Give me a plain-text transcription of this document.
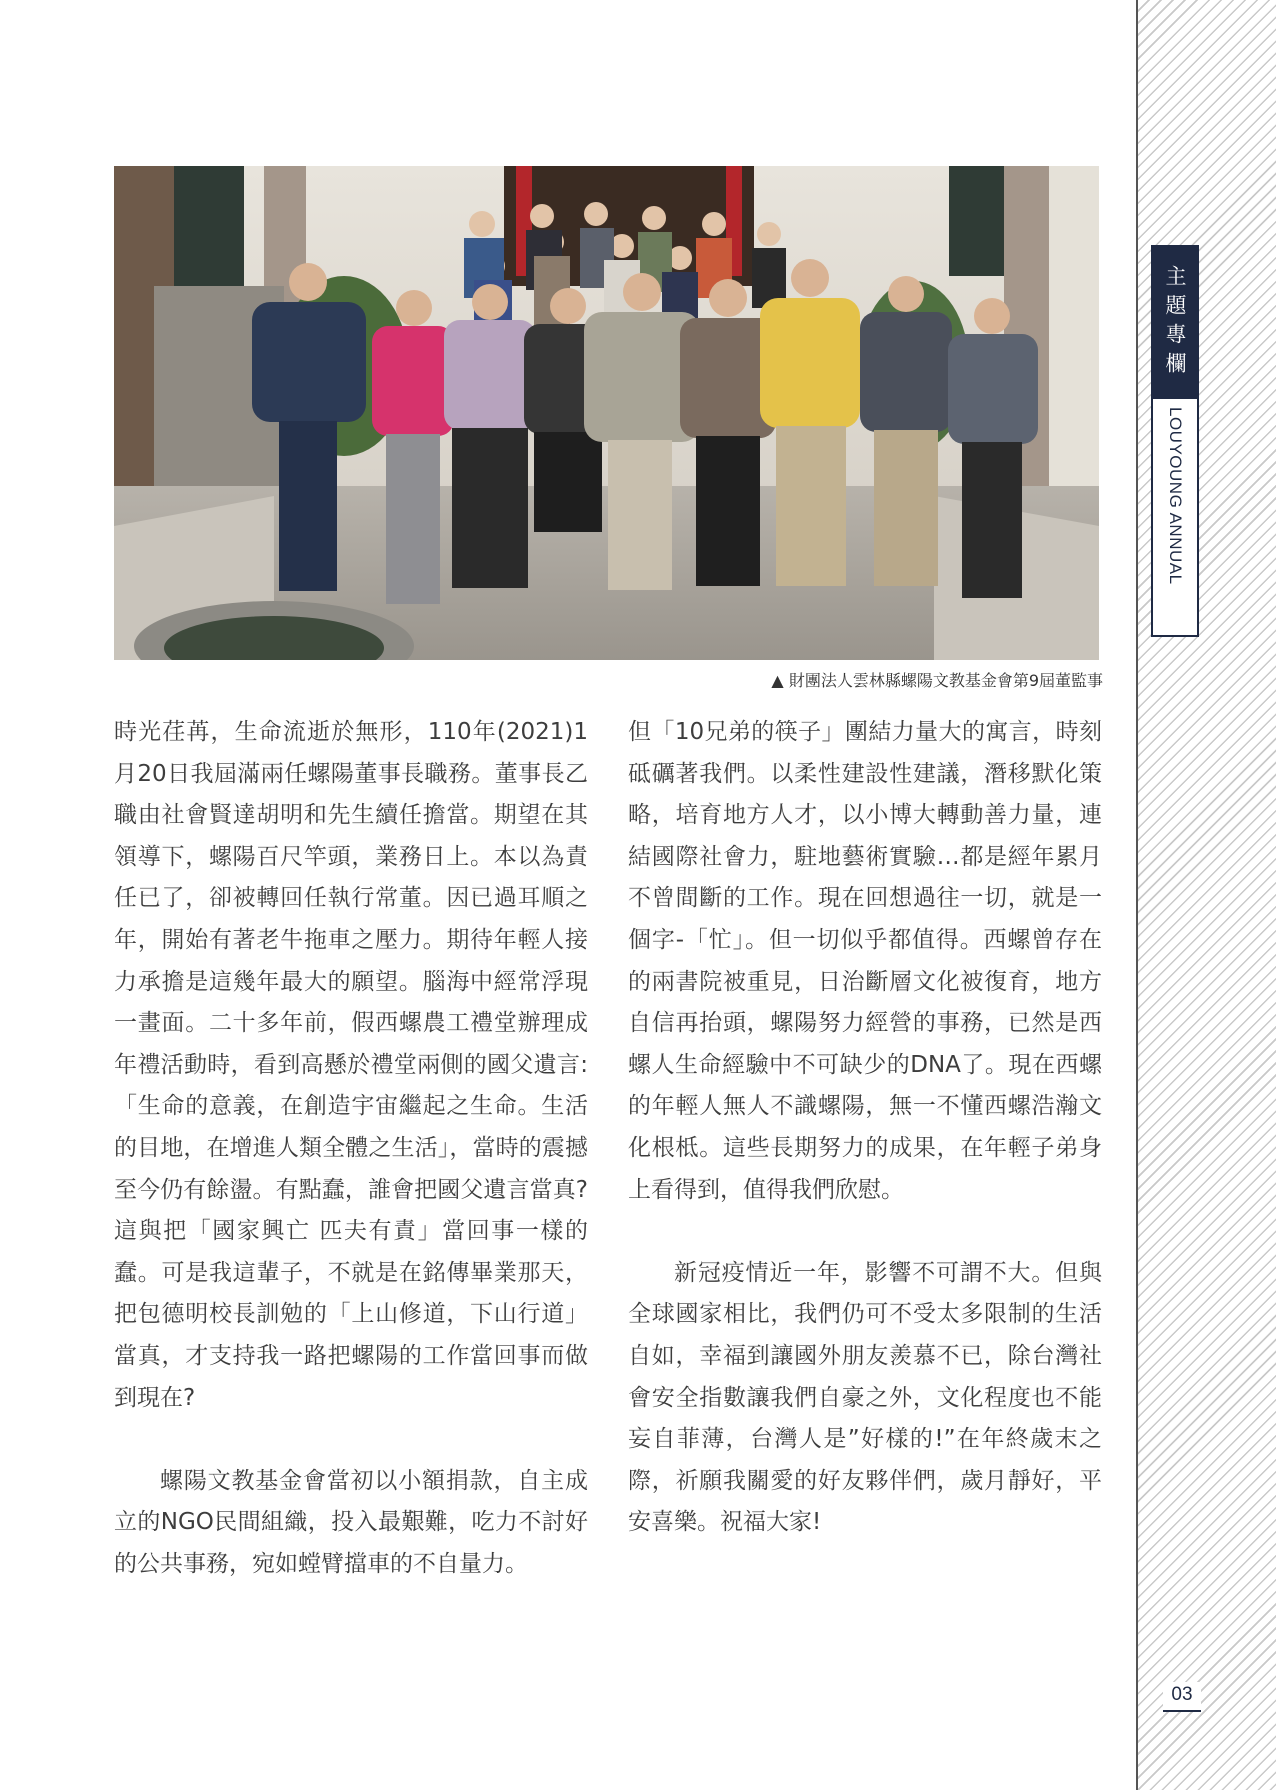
主題專欄
LOUYOUNG ANNUAL
03
▲ 財團法人雲林縣螺陽文教基金會第9屆董監事

時光荏苒，生命流逝於無形，110年(2021)1月20日我屆滿兩任螺陽董事長職務。董事長乙職由社會賢達胡明和先生續任擔當。期望在其領導下，螺陽百尺竿頭，業務日上。本以為責任已了，卻被轉回任執行常董。因已過耳順之年，開始有著老牛拖車之壓力。期待年輕人接力承擔是這幾年最大的願望。腦海中經常浮現一畫面。二十多年前，假西螺農工禮堂辦理成年禮活動時，看到高懸於禮堂兩側的國父遺言:「生命的意義，在創造宇宙繼起之生命。生活的目地，在增進人類全體之生活」，當時的震撼至今仍有餘盪。有點蠢，誰會把國父遺言當真?這與把「國家興亡 匹夫有責」當回事一樣的蠢。可是我這輩子，不就是在銘傳畢業那天，把包德明校長訓勉的「上山修道，下山行道」當真，才支持我一路把螺陽的工作當回事而做到現在?

螺陽文教基金會當初以小額捐款，自主成立的NGO民間組織，投入最艱難，吃力不討好的公共事務，宛如螳臂擋車的不自量力。

但「10兄弟的筷子」團結力量大的寓言，時刻砥礪著我們。以柔性建設性建議，潛移默化策略，培育地方人才，以小博大轉動善力量，連結國際社會力，駐地藝術實驗…都是經年累月不曾間斷的工作。現在回想過往一切，就是一個字-「忙」。但一切似乎都值得。西螺曾存在的兩書院被重見，日治斷層文化被復育，地方自信再抬頭，螺陽努力經營的事務，已然是西螺人生命經驗中不可缺少的DNA了。現在西螺的年輕人無人不識螺陽，無一不懂西螺浩瀚文化根柢。這些長期努力的成果，在年輕子弟身上看得到，值得我們欣慰。

新冠疫情近一年，影響不可謂不大。但與全球國家相比，我們仍可不受太多限制的生活自如，幸福到讓國外朋友羨慕不已，除台灣社會安全指數讓我們自豪之外，文化程度也不能妄自菲薄，台灣人是”好樣的!”在年終歲末之際，祈願我關愛的好友夥伴們，歲月靜好，平安喜樂。祝福大家!
